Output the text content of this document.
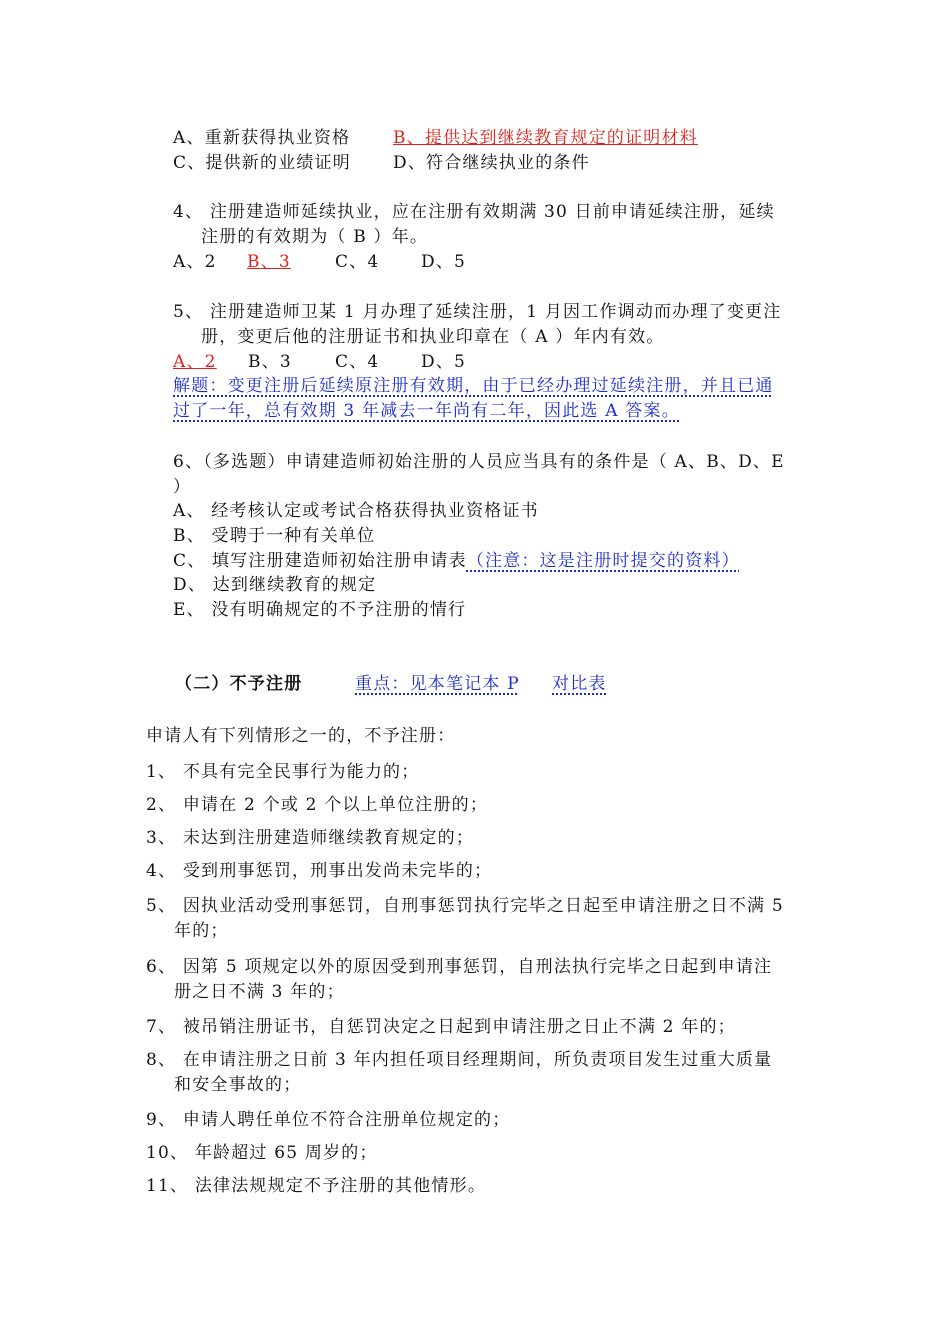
A、重新获得执业资格	B、提供达到继续教育规定的证明材料
C、提供新的业绩证明 D、符合继续执业的条件
4、 注册建造师延续执业，应在注册有效期满 30 日前申请延续注册，延续
注册的有效期为（ B ）年。
A、2 B、3	C、4 D、5
5、 注册建造师卫某 1 月办理了延续注册，1 月因工作调动而办理了变更注
册，变更后他的注册证书和执业印章在（ A ）年内有效。
A、2 B、3	C、4 D、5
解题：变更注册后延续原注册有效期，由于已经办理过延续注册，并且已通
过了一年，总有效期 3 年减去一年尚有二年，因此选 A 答案。
6、（多选题）申请建造师初始注册的人员应当具有的条件是（ A、B、D、E
）
A、 经考核认定或考试合格获得执业资格证书
B、 受聘于一种有关单位
C、 填写注册建造师初始注册申请表（注意：这是注册时提交的资料）
D、 达到继续教育的规定
E、 没有明确规定的不予注册的情行
（二）不予注册	重点：见本笔记本 P 对比表
申请人有下列情形之一的，不予注册：
1、 不具有完全民事行为能力的；
2、 申请在 2 个或 2 个以上单位注册的；
3、 未达到注册建造师继续教育规定的；
4、 受到刑事惩罚，刑事出发尚未完毕的；
5、 因执业活动受刑事惩罚，自刑事惩罚执行完毕之日起至申请注册之日不满 5
年的；
6、 因第 5 项规定以外的原因受到刑事惩罚，自刑法执行完毕之日起到申请注
册之日不满 3 年的；
7、 被吊销注册证书，自惩罚决定之日起到申请注册之日止不满 2 年的；
8、 在申请注册之日前 3 年内担任项目经理期间，所负责项目发生过重大质量
和安全事故的；
9、 申请人聘任单位不符合注册单位规定的；
10、 年龄超过 65 周岁的；
11、 法律法规规定不予注册的其他情形。
